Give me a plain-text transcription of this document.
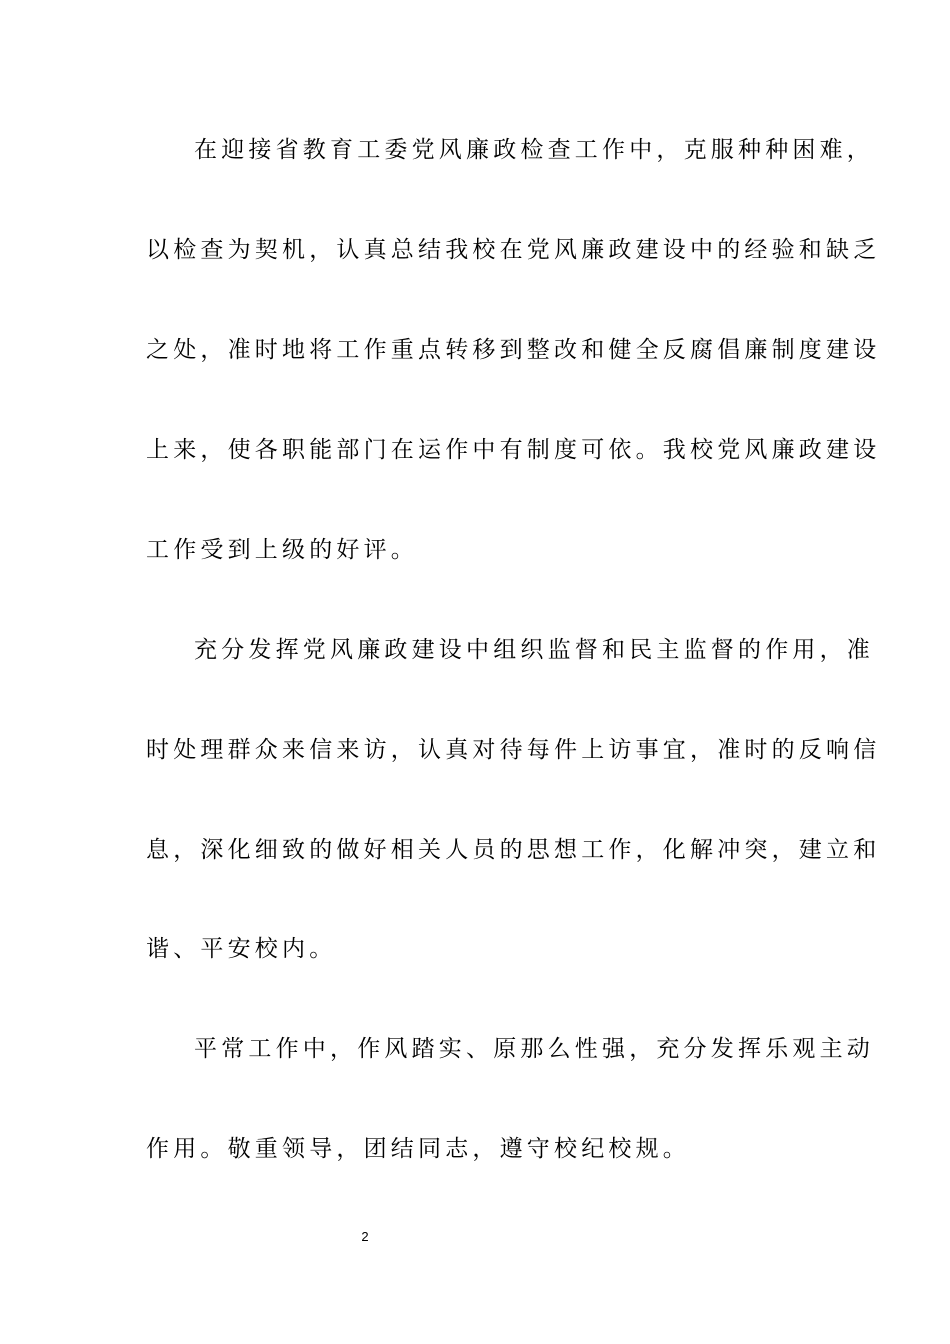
在迎接省教育工委党风廉政检查工作中，克服种种困难，
以检查为契机，认真总结我校在党风廉政建设中的经验和缺乏
之处，准时地将工作重点转移到整改和健全反腐倡廉制度建设
上来，使各职能部门在运作中有制度可依。我校党风廉政建设
工作受到上级的好评。
充分发挥党风廉政建设中组织监督和民主监督的作用，准
时处理群众来信来访，认真对待每件上访事宜，准时的反响信
息，深化细致的做好相关人员的思想工作，化解冲突，建立和
谐、平安校内。
平常工作中，作风踏实、原那么性强，充分发挥乐观主动
作用。敬重领导，团结同志，遵守校纪校规。
2
